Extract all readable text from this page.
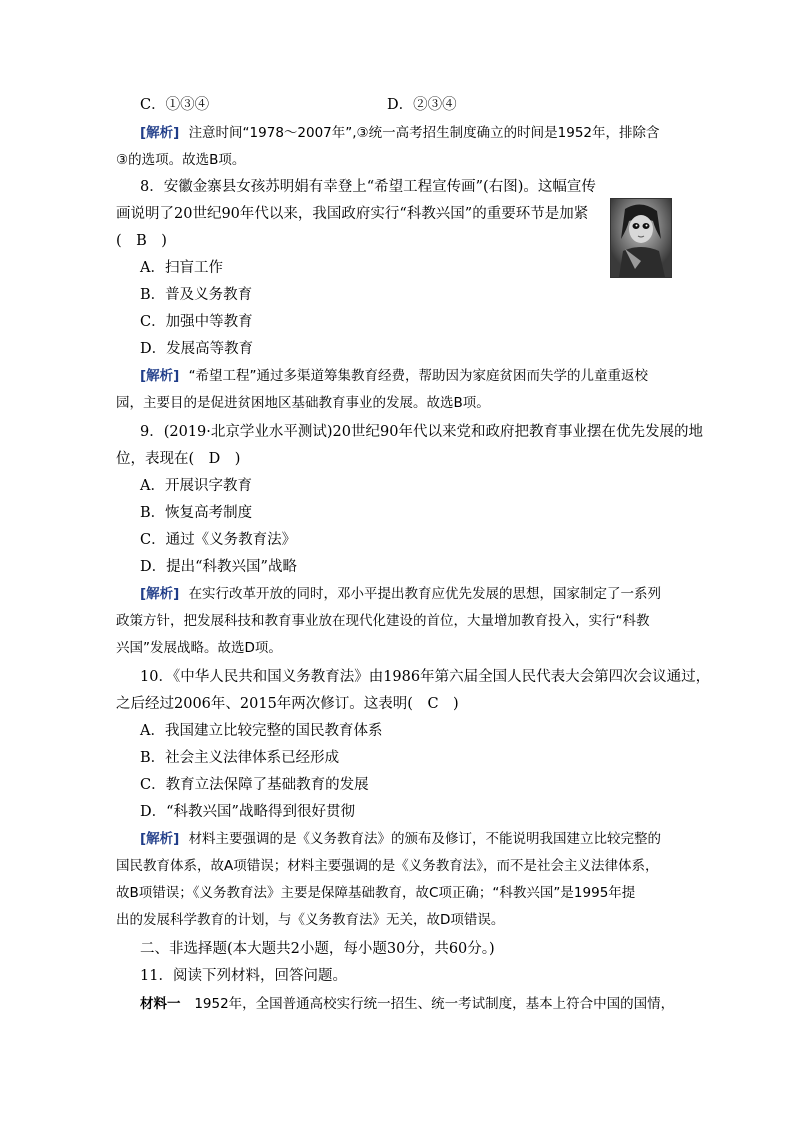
C．①③④	D．②③④
[解析] 注意时间“1978～2007年”,③统一高考招生制度确立的时间是1952年，排除含
③的选项。故选B项。
8．安徽金寨县女孩苏明娟有幸登上“希望工程宣传画”(右图)。这幅宣传
画说明了20世纪90年代以来，我国政府实行“科教兴国”的重要环节是加紧
(　B　)
A．扫盲工作
B．普及义务教育
C．加强中等教育
D．发展高等教育
[解析] “希望工程”通过多渠道筹集教育经费，帮助因为家庭贫困而失学的儿童重返校
园，主要目的是促进贫困地区基础教育事业的发展。故选B项。
9．(2019·北京学业水平测试)20世纪90年代以来党和政府把教育事业摆在优先发展的地
位，表现在(　D　)
A．开展识字教育
B．恢复高考制度
C．通过《义务教育法》
D．提出“科教兴国”战略
[解析] 在实行改革开放的同时，邓小平提出教育应优先发展的思想，国家制定了一系列
政策方针，把发展科技和教育事业放在现代化建设的首位，大量增加教育投入，实行“科教
兴国”发展战略。故选D项。
10．《中华人民共和国义务教育法》由1986年第六届全国人民代表大会第四次会议通过，
之后经过2006年、2015年两次修订。这表明(　C　)
A．我国建立比较完整的国民教育体系
B．社会主义法律体系已经形成
C．教育立法保障了基础教育的发展
D．“科教兴国”战略得到很好贯彻
[解析] 材料主要强调的是《义务教育法》的颁布及修订，不能说明我国建立比较完整的
国民教育体系，故A项错误；材料主要强调的是《义务教育法》，而不是社会主义法律体系，
故B项错误；《义务教育法》主要是保障基础教育，故C项正确；“科教兴国”是1995年提
出的发展科学教育的计划，与《义务教育法》无关，故D项错误。
二、非选择题(本大题共2小题，每小题30分，共60分。)
11．阅读下列材料，回答问题。
材料一 1952年，全国普通高校实行统一招生、统一考试制度，基本上符合中国的国情，
